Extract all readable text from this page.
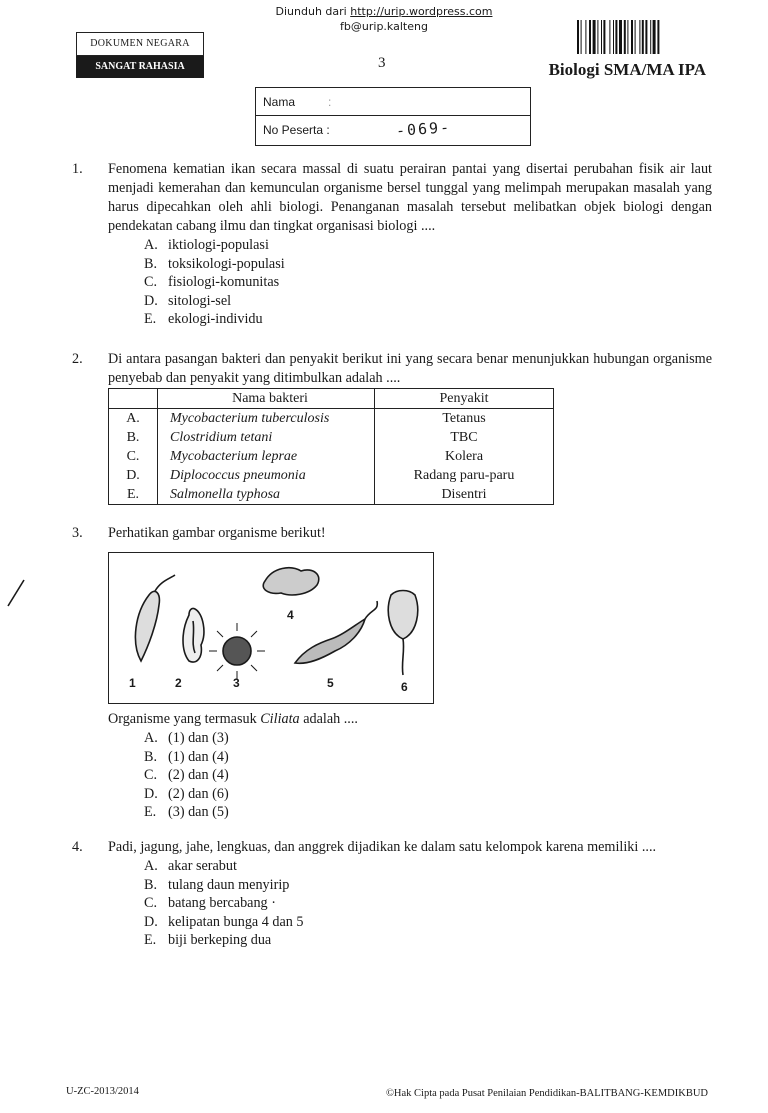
Diunduh dari http://urip.wordpress.com
fb@urip.kalteng
DOKUMEN NEGARA
SANGAT RAHASIA	3	Biologi SMA/MA IPA
Nama	:
No Peserta :	-069-
1.	Fenomena kematian ikan secara massal di suatu perairan pantai yang disertai perubahan fisik air laut menjadi kemerahan dan kemunculan organisme bersel tunggal yang melimpah merupakan masalah yang harus dipecahkan oleh ahli biologi. Penanganan masalah tersebut melibatkan objek biologi dengan pendekatan cabang ilmu dan tingkat organisasi biologi ....
A. iktiologi-populasi
B. toksikologi-populasi
C. fisiologi-komunitas
D. sitologi-sel
E. ekologi-individu
2.	Di antara pasangan bakteri dan penyakit berikut ini yang secara benar menunjukkan hubungan organisme penyebab dan penyakit yang ditimbulkan adalah ....
	Nama bakteri	Penyakit
A.	Mycobacterium tuberculosis	Tetanus
B.	Clostridium tetani	TBC
C.	Mycobacterium leprae	Kolera
D.	Diplococcus pneumonia	Radang paru-paru
E.	Salmonella typhosa	Disentri
3.	Perhatikan gambar organisme berikut!
1	2	3
4
5	6
Organisme yang termasuk Ciliata adalah ....
A. (1) dan (3)
B. (1) dan (4)
C. (2) dan (4)
D. (2) dan (6)
E. (3) dan (5)
4.	Padi, jagung, jahe, lengkuas, dan anggrek dijadikan ke dalam satu kelompok karena memiliki ....
A. akar serabut
B. tulang daun menyirip
C. batang bercabang ·
D. kelipatan bunga 4 dan 5
E. biji berkeping dua
U-ZC-2013/2014	©Hak Cipta pada Pusat Penilaian Pendidikan-BALITBANG-KEMDIKBUD
